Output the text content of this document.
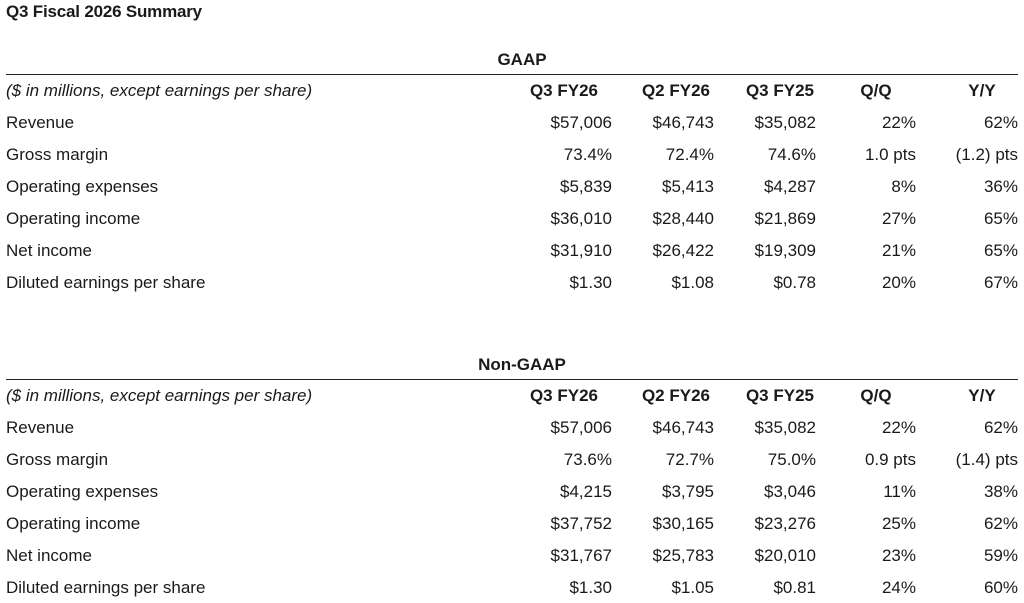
Q3 Fiscal 2026 Summary
GAAP
($ in millions, except earnings per share)	Q3 FY26	Q2 FY26	Q3 FY25	Q/Q	Y/Y
Revenue	$57,006	$46,743	$35,082	22%	62%
Gross margin	73.4%	72.4%	74.6%	1.0 pts	(1.2) pts
Operating expenses	$5,839	$5,413	$4,287	8%	36%
Operating income	$36,010	$28,440	$21,869	27%	65%
Net income	$31,910	$26,422	$19,309	21%	65%
Diluted earnings per share	$1.30	$1.08	$0.78	20%	67%
Non-GAAP
($ in millions, except earnings per share)	Q3 FY26	Q2 FY26	Q3 FY25	Q/Q	Y/Y
Revenue	$57,006	$46,743	$35,082	22%	62%
Gross margin	73.6%	72.7%	75.0%	0.9 pts	(1.4) pts
Operating expenses	$4,215	$3,795	$3,046	11%	38%
Operating income	$37,752	$30,165	$23,276	25%	62%
Net income	$31,767	$25,783	$20,010	23%	59%
Diluted earnings per share	$1.30	$1.05	$0.81	24%	60%
